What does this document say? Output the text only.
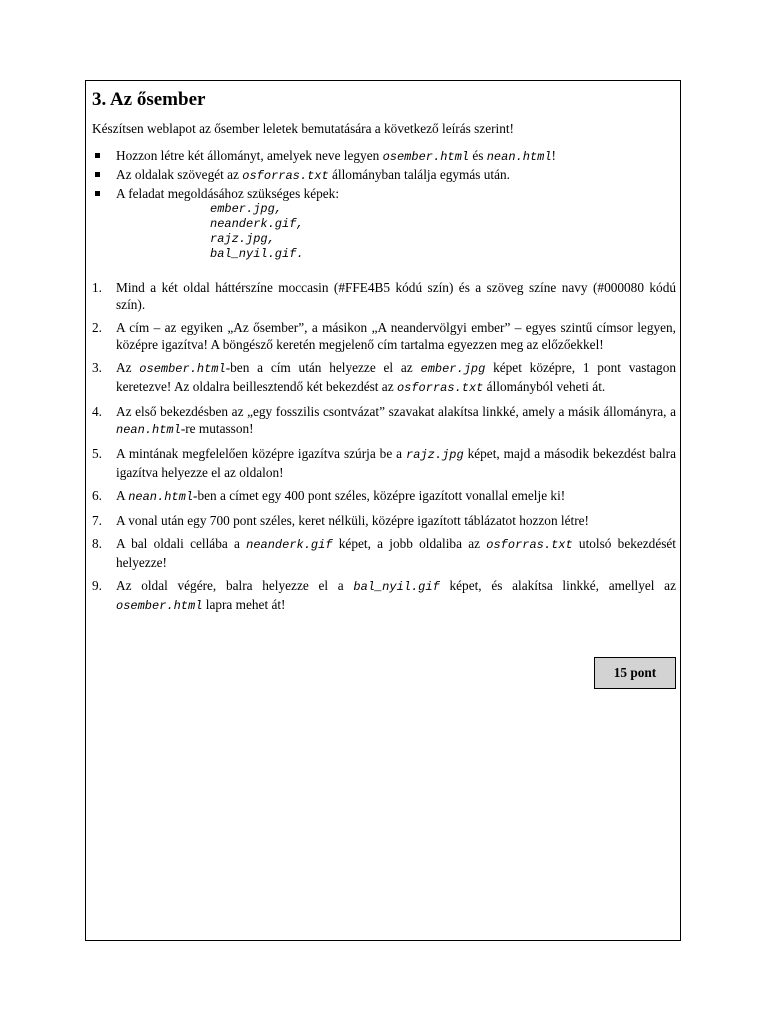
3. Az ősember

Készítsen weblapot az ősember leletek bemutatására a következő leírás szerint!

Hozzon létre két állományt, amelyek neve legyen osember.html és nean.html!
Az oldalak szövegét az osforras.txt állományban találja egymás után.
A feladat megoldásához szükséges képek:
ember.jpg,
neanderk.gif,
rajz.jpg,
bal_nyil.gif.
1. Mind a két oldal háttérszíne moccasin (#FFE4B5 kódú szín) és a szöveg színe navy (#000080 kódú szín).
2. A cím – az egyiken „Az ősember”, a másikon „A neandervölgyi ember” – egyes szintű címsor legyen, középre igazítva! A böngésző keretén megjelenő cím tartalma egyezzen meg az előzőekkel!
3. Az osember.html-ben a cím után helyezze el az ember.jpg képet középre, 1 pont vastagon keretezve! Az oldalra beillesztendő két bekezdést az osforras.txt állományból veheti át.
4. Az első bekezdésben az „egy fosszilis csontvázat” szavakat alakítsa linkké, amely a másik állományra, a nean.html-re mutasson!
5. A mintának megfelelően középre igazítva szúrja be a rajz.jpg képet, majd a második bekezdést balra igazítva helyezze el az oldalon!
6. A nean.html-ben a címet egy 400 pont széles, középre igazított vonallal emelje ki!
7. A vonal után egy 700 pont széles, keret nélküli, középre igazított táblázatot hozzon létre!
8. A bal oldali cellába a neanderk.gif képet, a jobb oldaliba az osforras.txt utolsó bekezdését helyezze!
9. Az oldal végére, balra helyezze el a bal_nyil.gif képet, és alakítsa linkké, amellyel az osember.html lapra mehet át!
15 pont
